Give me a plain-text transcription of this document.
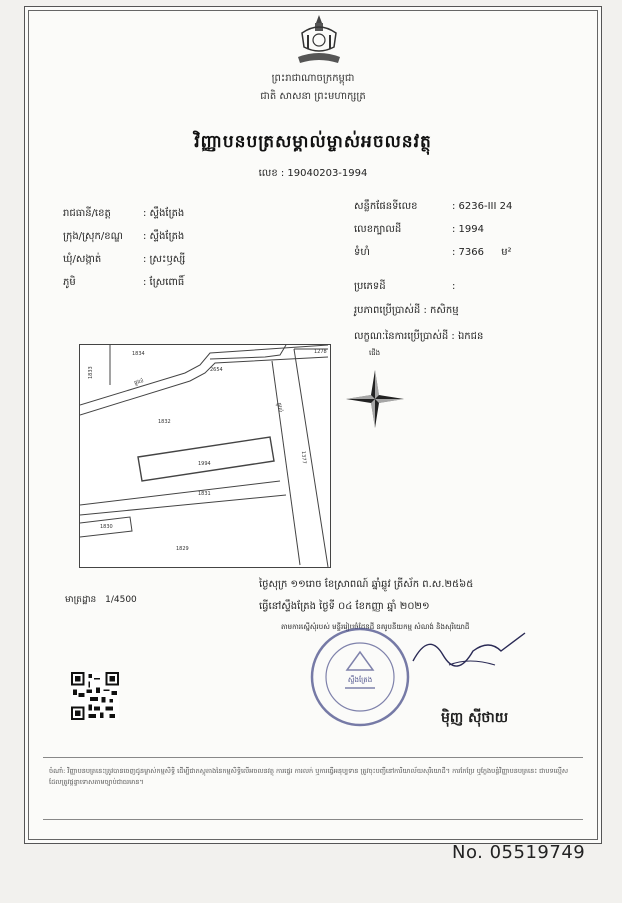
ព្រះរាជាណាចក្រកម្ពុជា
ជាតិ សាសនា ព្រះមហាក្សត្រ
វិញ្ញាបនបត្រសម្គាល់ម្ចាស់អចលនវត្ថុ
លេខ : 19040203-1994
រាជធានី/ខេត្ត	: ស្ទឹងត្រែង
ក្រុង/ស្រុក/ខណ្ឌ : ស្ទឹងត្រែង
ឃុំ/សង្កាត់	: ស្រះឫស្សី
ភូមិ	: ស្រែពោធិ៍
សន្លឹកផែនទីលេខ	: 6236-III 24
លេខក្បាលដី	: 1994
ទំហំ	: 7366 ម²
ប្រភេទដី	:
រូបភាពប្រើប្រាស់ដី : កសិកម្ម
លក្ខណៈនៃការប្រើប្រាស់ដី : ឯកជន
1834
1833	2654
1278
1832
1994
1831
1830
1829
1377
ផ្លូវលំ
ផ្លូវលំ
ជើង
មាត្រដ្ឋាន 1/4500
ថ្ងៃសុក្រ ១១រោច ខែស្រាពណ៍ ឆ្នាំឆ្លូវ ត្រីស័ក ព.ស.២៥៦៥
ធ្វើនៅស្ទឹងត្រែង ថ្ងៃទី ០៤ ខែកញ្ញា ឆ្នាំ ២០២១
តាមការស្នើសុំរបស់ មន្ទីររៀបចំដែនដី នគរូបនីយកម្ម សំណង់ និងសុរិយោដី
ស្ទឹងត្រែង
ម៉ិញ ស៊ីថាយ
ចំណាំ: វិញ្ញាបនបត្រនេះត្រូវបានចេញជូនម្ចាស់កម្មសិទ្ធិ ដើម្បីជាភស្តុតាងនៃកម្មសិទ្ធិលើអចលនវត្ថុ ការផ្ទេរ ការលក់ ឬការធ្វើអនុប្បទាន ត្រូវចុះបញ្ជីនៅការិយាល័យសុរិយោដី។ ការកែប្រែ ឬក្លែងបន្លំវិញ្ញាបនបត្រនេះ ជាបទល្មើសដែលត្រូវផ្តន្ទាទោសតាមច្បាប់ជាធរមាន។
No. 05519749
